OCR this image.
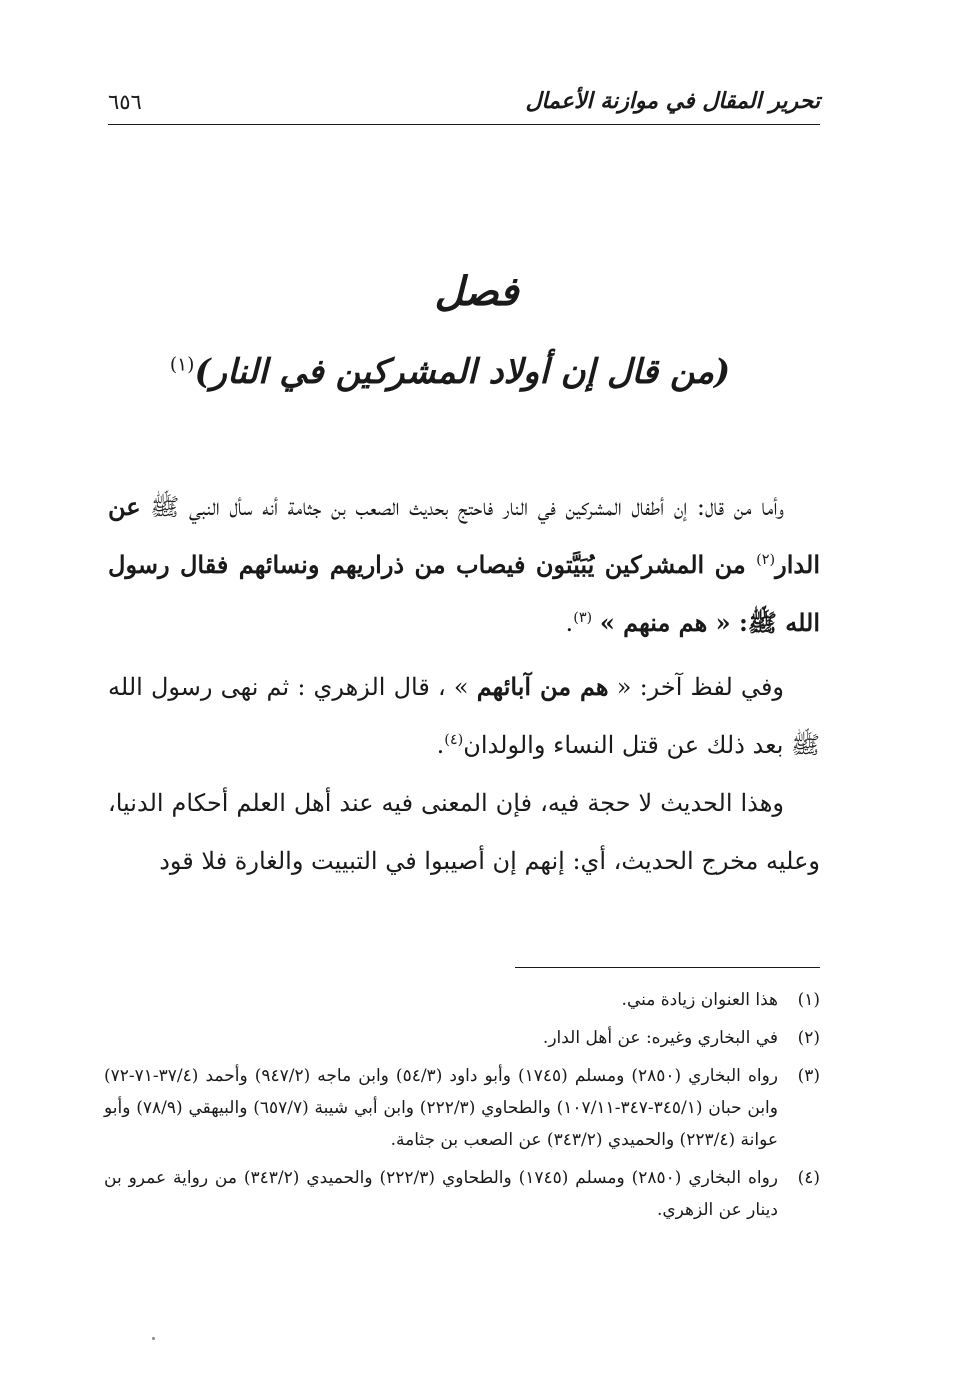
تحرير المقال في موازنة الأعمال
٦٥٦
فصل
(من قال إن أولاد المشركين في النار)$^{(١)}$

وأما من قال: إن أطفال المشركين في النار فاحتج بحديث الصعب بن جثامة أنه سأل النبي ﷺ عن الدار$^{(٢)}$ من المشركين يُبَيَّتون فيصاب من ذراريهم ونسائهم فقال رسول الله ﷺ: « هم منهم » $^{(٣)}$.

وفي لفظ آخر: « هم من آبائهم » ، قال الزهري : ثم نهى رسول الله ﷺ بعد ذلك عن قتل النساء والولدان$^{(٤)}$.

وهذا الحديث لا حجة فيه، فإن المعنى فيه عند أهل العلم أحكام الدنيا، وعليه مخرج الحديث، أي: إنهم إن أصيبوا في التبييت والغارة فلا قود

(١)
هذا العنوان زيادة مني.
(٢)
في البخاري وغيره: عن أهل الدار.
(٣)
رواه البخاري (٢٨٥٠) ومسلم (١٧٤٥) وأبو داود (٥٤/٣) وابن ماجه (٩٤٧/٢) وأحمد (٣٧/٤-٧١-٧٢) وابن حبان (٣٤٥/١-٣٤٧-١٠٧/١١) والطحاوي (٢٢٢/٣) وابن أبي شيبة (٦٥٧/٧) والبيهقي (٧٨/٩) وأبو عوانة (٢٢٣/٤) والحميدي (٣٤٣/٢) عن الصعب بن جثامة.
(٤)
رواه البخاري (٢٨٥٠) ومسلم (١٧٤٥) والطحاوي (٢٢٢/٣) والحميدي (٣٤٣/٢) من رواية عمرو بن دينار عن الزهري.
